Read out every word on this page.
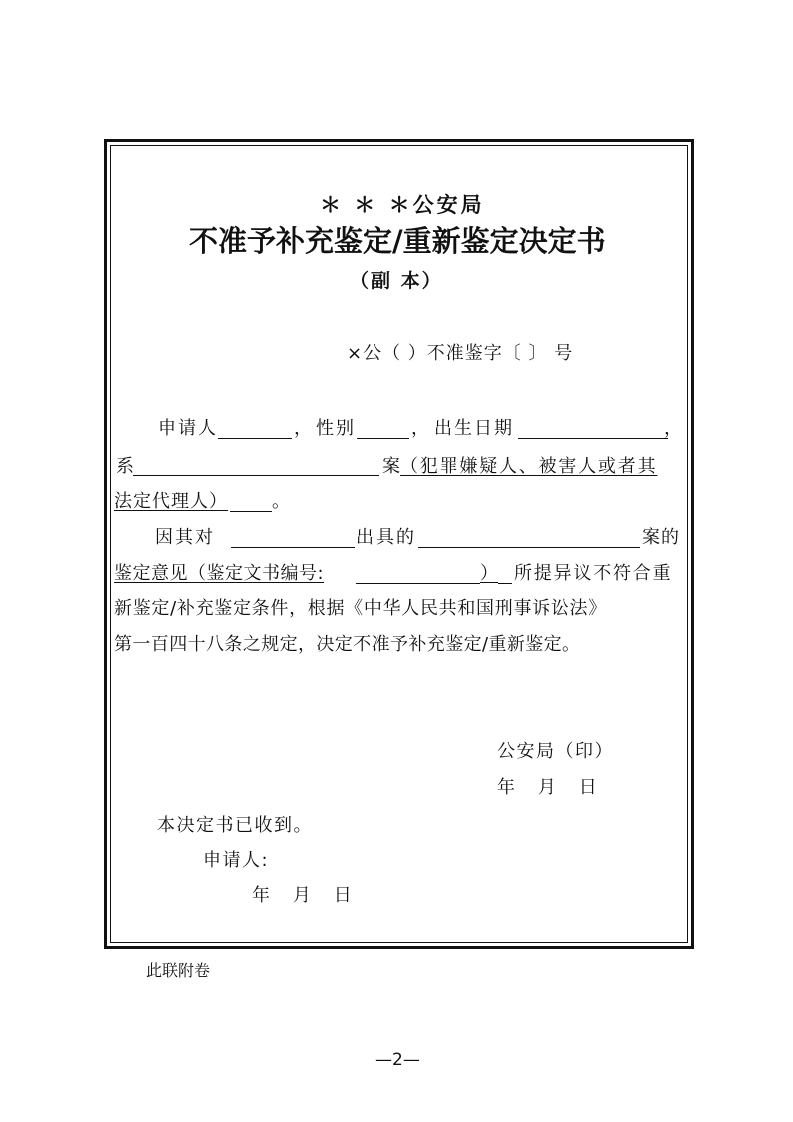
＊ ＊ ＊公安局
不准予补充鉴定/重新鉴定决定书
（副 本）
×公（ ）不准鉴字〔 〕 号
申请人	， 性别	， 出生日期	，
系	案 （犯罪嫌疑人、被害人或者其
法定代理人） 。
因其对	出具的	案的
鉴定意见（鉴定文书编号:	） 所提异议不符合重
新鉴定/补充鉴定条件，根据《中华人民共和国刑事诉讼法》
第一百四十八条之规定，决定不准予补充鉴定/重新鉴定。
公安局（印）
年    月    日
本决定书已收到。
申请人:
年    月    日
此联附卷
—2—
